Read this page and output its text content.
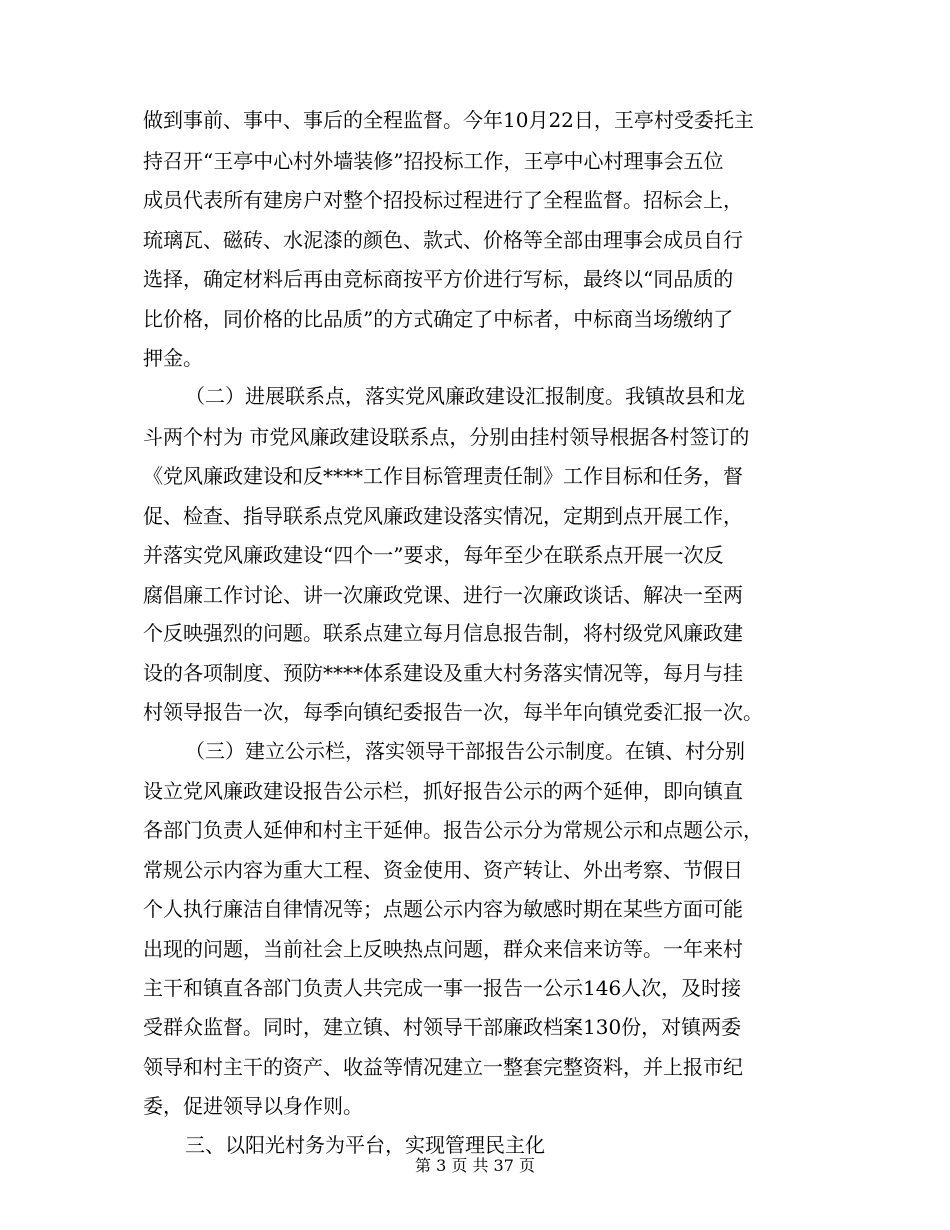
做到事前、事中、事后的全程监督。今年10月22日，王亭村受委托主
持召开“王亭中心村外墙装修”招投标工作，王亭中心村理事会五位
成员代表所有建房户对整个招投标过程进行了全程监督。招标会上，
琉璃瓦、磁砖、水泥漆的颜色、款式、价格等全部由理事会成员自行
选择，确定材料后再由竞标商按平方价进行写标，最终以“同品质的
比价格，同价格的比品质”的方式确定了中标者，中标商当场缴纳了
押金。
（二）进展联系点，落实党风廉政建设汇报制度。我镇故县和龙
斗两个村为 市党风廉政建设联系点，分别由挂村领导根据各村签订的
《党风廉政建设和反****工作目标管理责任制》工作目标和任务，督
促、检查、指导联系点党风廉政建设落实情况，定期到点开展工作，
并落实党风廉政建设“四个一”要求，每年至少在联系点开展一次反
腐倡廉工作讨论、讲一次廉政党课、进行一次廉政谈话、解决一至两
个反映强烈的问题。联系点建立每月信息报告制，将村级党风廉政建
设的各项制度、预防****体系建设及重大村务落实情况等，每月与挂
村领导报告一次，每季向镇纪委报告一次，每半年向镇党委汇报一次。
（三）建立公示栏，落实领导干部报告公示制度。在镇、村分别
设立党风廉政建设报告公示栏，抓好报告公示的两个延伸，即向镇直
各部门负责人延伸和村主干延伸。报告公示分为常规公示和点题公示，
常规公示内容为重大工程、资金使用、资产转让、外出考察、节假日
个人执行廉洁自律情况等；点题公示内容为敏感时期在某些方面可能
出现的问题，当前社会上反映热点问题，群众来信来访等。一年来村
主干和镇直各部门负责人共完成一事一报告一公示146人次，及时接
受群众监督。同时，建立镇、村领导干部廉政档案130份，对镇两委
领导和村主干的资产、收益等情况建立一整套完整资料，并上报市纪
委，促进领导以身作则。
三、以阳光村务为平台，实现管理民主化
第 3 页 共 37 页
